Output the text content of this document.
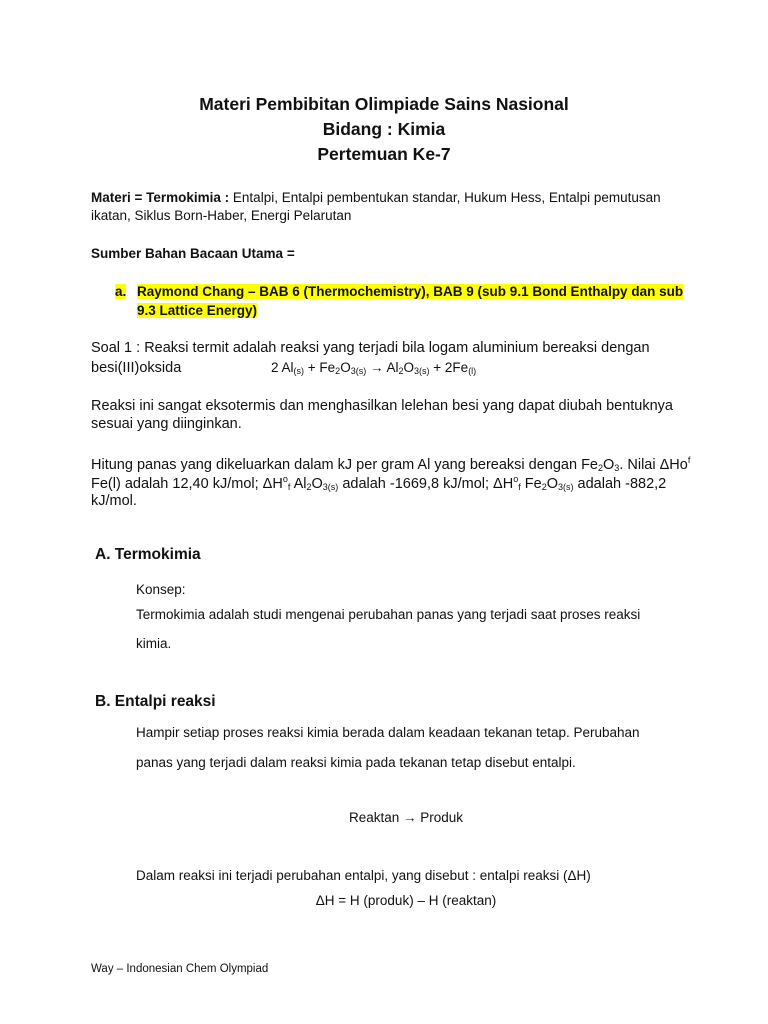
Materi Pembibitan Olimpiade Sains Nasional
Bidang : Kimia
Pertemuan Ke-7
Materi = Termokimia : Entalpi, Entalpi pembentukan standar, Hukum Hess, Entalpi pemutusan
ikatan, Siklus Born-Haber, Energi Pelarutan
Sumber Bahan Bacaan Utama =
a. Raymond Chang – BAB 6 (Thermochemistry), BAB 9 (sub 9.1 Bond Enthalpy dan sub
9.3 Lattice Energy)
Soal 1 : Reaksi termit adalah reaksi yang terjadi bila logam aluminium bereaksi dengan
besi(III)oksida	2 $Al_{(s)} + Fe_2O_{3(s)} \to Al_2O_{3(s)} + 2Fe_{(l)}$
Reaksi ini sangat eksotermis dan menghasilkan lelehan besi yang dapat diubah bentuknya
sesuai yang diinginkan.
Hitung panas yang dikeluarkan dalam kJ per gram Al yang bereaksi dengan $Fe_2O_3$. Nilai ΔHo$^f$
Fe(l) adalah 12,40 kJ/mol; $\Delta H^o_f$ $Al_2O_{3(s)}$ adalah -1669,8 kJ/mol; $\Delta H^o_f$ $Fe_2O_{3(s)}$ adalah -882,2
kJ/mol.
A. Termokimia
Konsep:
Termokimia adalah studi mengenai perubahan panas yang terjadi saat proses reaksi
kimia.
B. Entalpi reaksi
Hampir setiap proses reaksi kimia berada dalam keadaan tekanan tetap. Perubahan
panas yang terjadi dalam reaksi kimia pada tekanan tetap disebut entalpi.
Reaktan → Produk
Dalam reaksi ini terjadi perubahan entalpi, yang disebut : entalpi reaksi (ΔH)
ΔH = H (produk) – H (reaktan)
Way – Indonesian Chem Olympiad
